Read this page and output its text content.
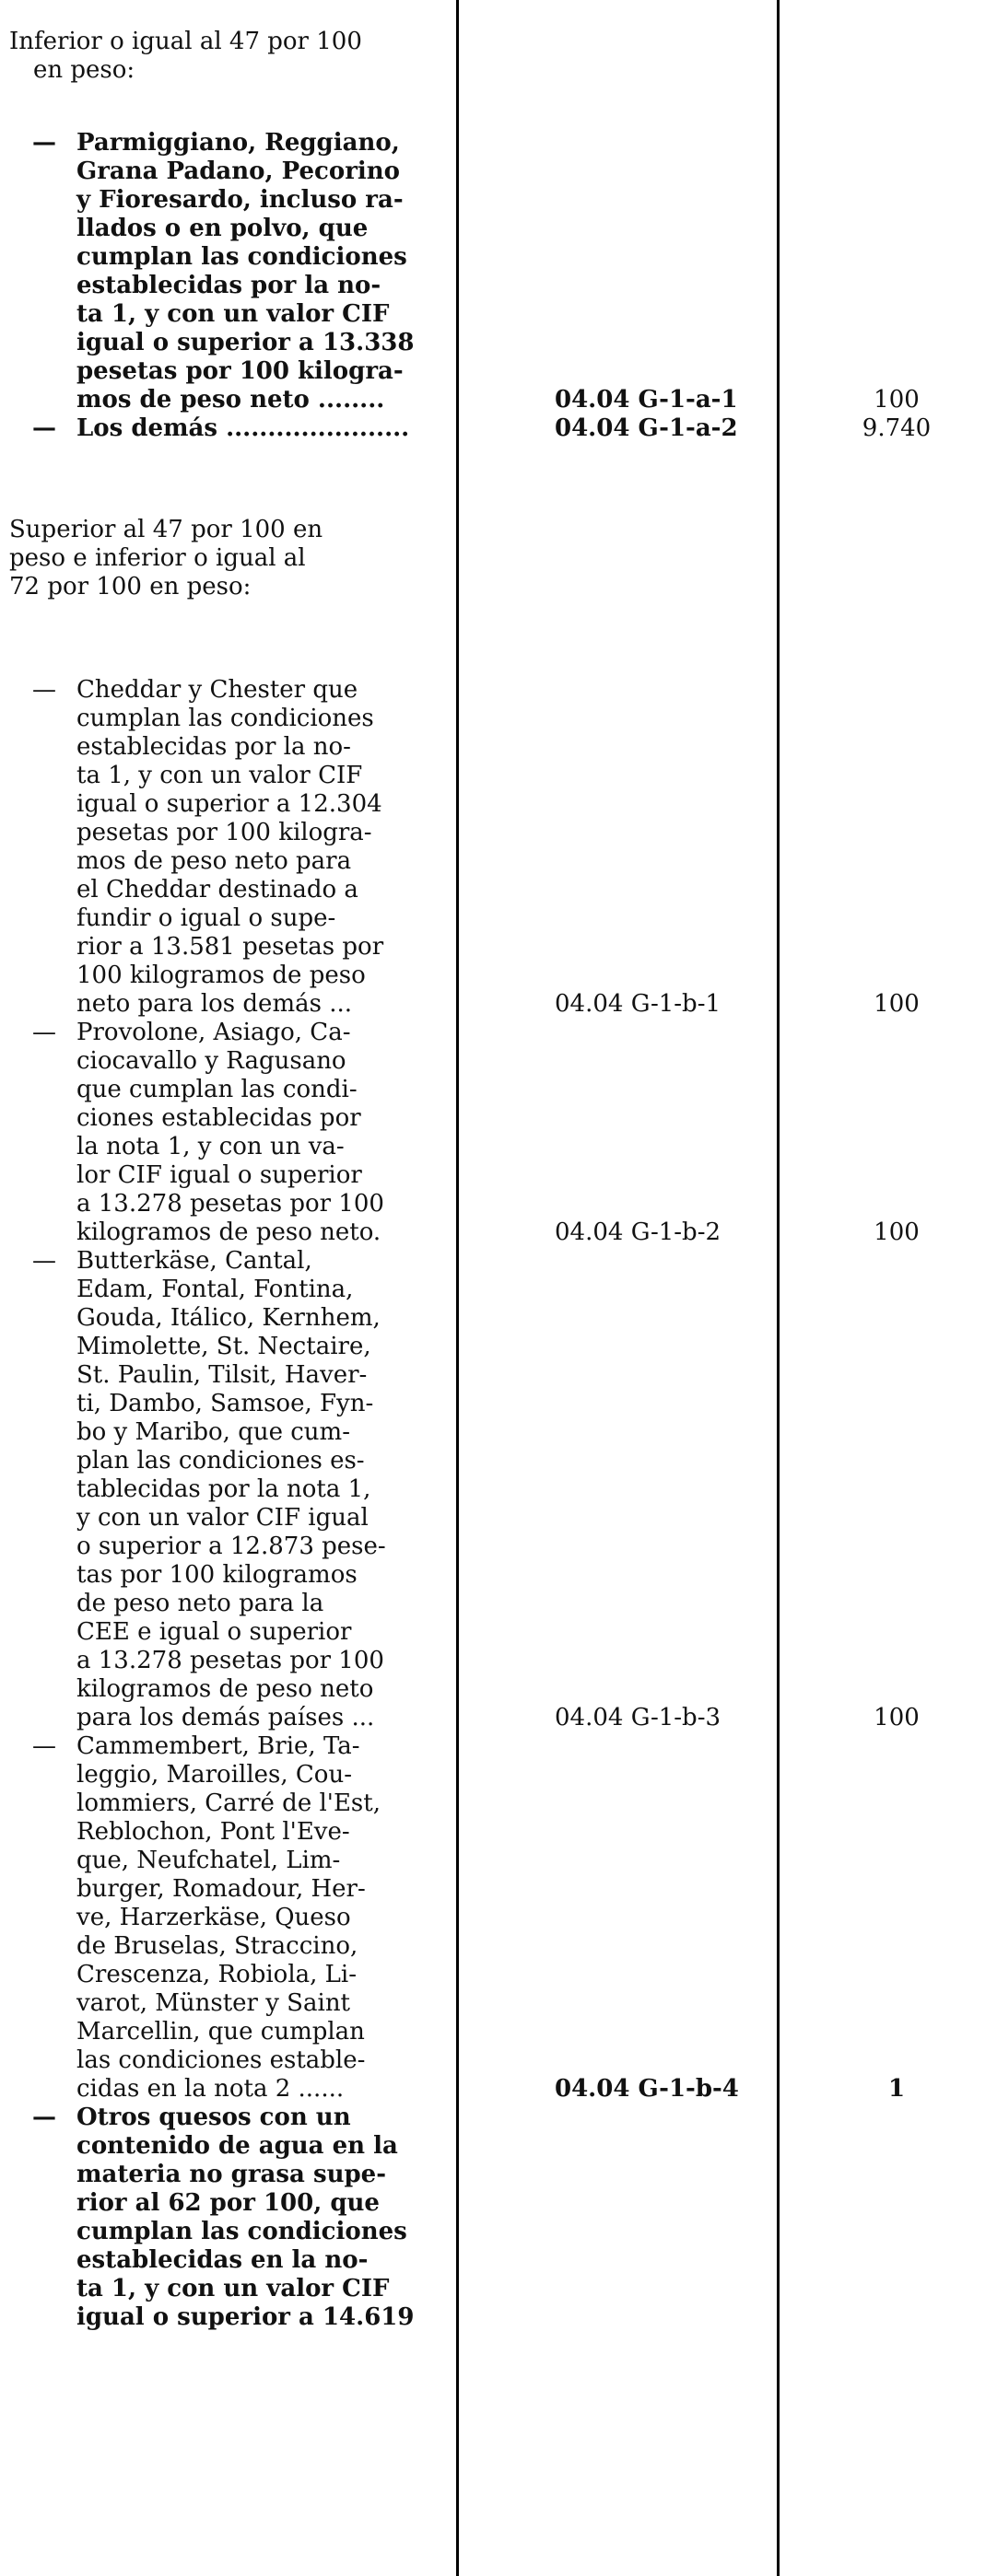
Inferior o igual al 47 por 100
en peso:
— Parmiggiano, Reggiano,
Grana Padano, Pecorino
y Fioresardo, incluso ra-
llados o en polvo, que
cumplan las condiciones
establecidas por la no-
ta 1, y con un valor CIF
igual o superior a 13.338
pesetas por 100 kilogra-
mos de peso neto ........	04.04 G-1-a-1	100
— Los demás ......................	04.04 G-1-a-2	9.740
Superior al 47 por 100 en
peso e inferior o igual al
72 por 100 en peso:
— Cheddar y Chester que
cumplan las condiciones
establecidas por la no-
ta 1, y con un valor CIF
igual o superior a 12.304
pesetas por 100 kilogra-
mos de peso neto para
el Cheddar destinado a
fundir o igual o supe-
rior a 13.581 pesetas por
100 kilogramos de peso
neto para los demás ...	04.04 G-1-b-1	100
— Provolone, Asiago, Ca-
ciocavallo y Ragusano
que cumplan las condi-
ciones establecidas por
la nota 1, y con un va-
lor CIF igual o superior
a 13.278 pesetas por 100
kilogramos de peso neto.	04.04 G-1-b-2	100
— Butterkäse, Cantal,
Edam, Fontal, Fontina,
Gouda, Itálico, Kernhem,
Mimolette, St. Nectaire,
St. Paulin, Tilsit, Haver-
ti, Dambo, Samsoe, Fyn-
bo y Maribo, que cum-
plan las condiciones es-
tablecidas por la nota 1,
y con un valor CIF igual
o superior a 12.873 pese-
tas por 100 kilogramos
de peso neto para la
CEE e igual o superior
a 13.278 pesetas por 100
kilogramos de peso neto
para los demás países ...	04.04 G-1-b-3	100
— Cammembert, Brie, Ta-
leggio, Maroilles, Cou-
lommiers, Carré de l'Est,
Reblochon, Pont l'Eve-
que, Neufchatel, Lim-
burger, Romadour, Her-
ve, Harzerkäse, Queso
de Bruselas, Straccino,
Crescenza, Robiola, Li-
varot, Münster y Saint
Marcellin, que cumplan
las condiciones estable-
cidas en la nota 2 ......	04.04 G-1-b-4	1
— Otros quesos con un
contenido de agua en la
materia no grasa supe-
rior al 62 por 100, que
cumplan las condiciones
establecidas en la no-
ta 1, y con un valor CIF
igual o superior a 14.619
